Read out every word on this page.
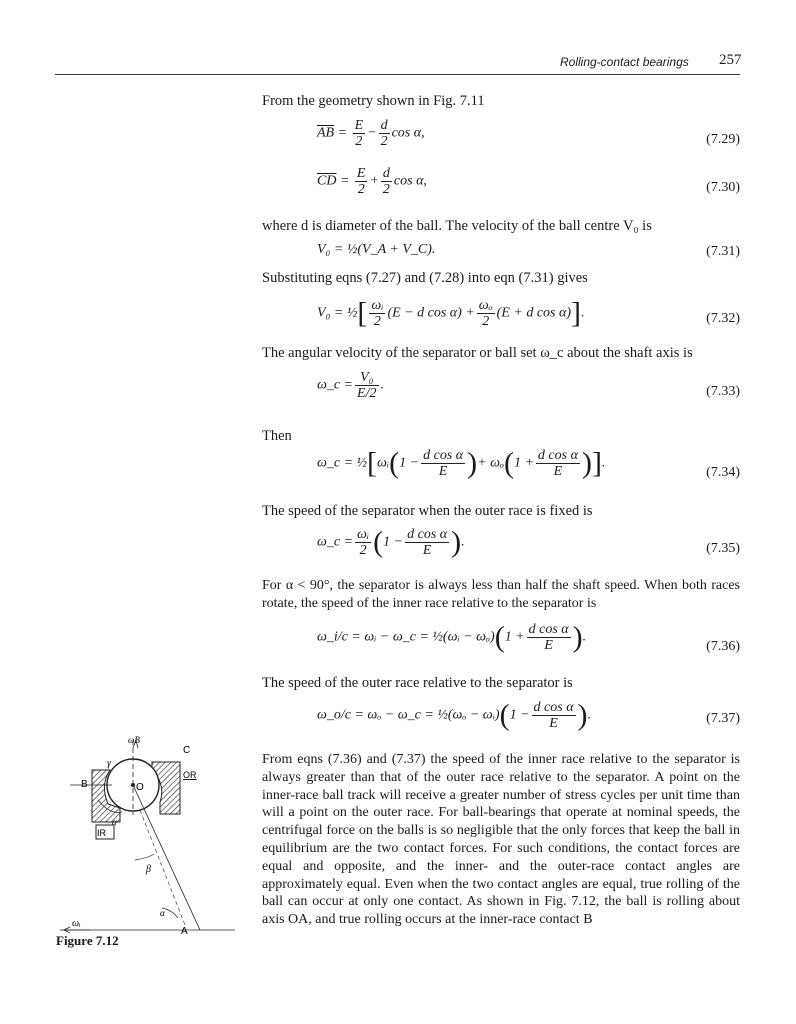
Rolling-contact bearings 257
From the geometry shown in Fig. 7.11
$\overline{AB} = \frac{E}{2} - \frac{d}{2}$ cos α,	(7.29)
$\overline{CD} = \frac{E}{2} + \frac{d}{2}$ cos α,	(7.30)
where d is diameter of the ball. The velocity of the ball centre V₀ is
V₀ = ½(V_A + V_C).	(7.31)
Substituting eqns (7.27) and (7.28) into eqn (7.31) gives
V₀ = ½[ $\frac{\text{ωᵢ}}{2} (E - d$ $\cos \alpha) + \frac{\text{ωₒ}}{2} (E + d$ cos α)].	(7.32)
The angular velocity of the separator or ball set ω_c about the shaft axis is
ω_c = $\frac{\text{V₀}}{E/2}$ .	(7.33)
Then
ω_c = ½[ωᵢ(1 − $\frac{\text{d cos α}}{E}$ )+ $\omega_o(1 + \frac{\text{d cos α}}{E}$ )].
(7.34)
The speed of the separator when the outer race is fixed is
ω_c = $\frac{\text{ωᵢ}}{2} (1 - \frac{\text{d cos α}}{E}$ ).	(7.35)
For α < 90°, the separator is always less than half the shaft speed. When both races rotate, the speed of the inner race relative to the separator is
ω_i/c = ωᵢ − ω_c = ½(ωᵢ − $\omega_o)(1 + \frac{\text{d cos α}}{E}$ ).
(7.36)
The speed of the outer race relative to the separator is
ω_o/c = ωₒ − ω_c = ½(ωₒ − ωᵢ)(1 − $\frac{\text{d cos α}}{E}$ ).	(7.37)
From eqns (7.36) and (7.37) the speed of the inner race relative to the separator is always greater than that of the outer race relative to the separator. A point on the inner-race ball track will receive a greater number of stress cycles per unit time than will a point on the outer race. For ball-bearings that operate at nominal speeds, the centrifugal force on the balls is so negligible that the only forces that keep the ball in equilibrium are the two contact forces. For such conditions, the contact forces are equal and opposite, and the inner- and the outer-race contact angles are approximately equal. Even when the two contact angles are equal, true rolling of the ball can occur at only one contact. As shown in Fig. 7.12, the ball is rolling about axis OA, and true rolling occurs at the inner-race contact B
ωB
C
γ
B	O
OR
IR
α
β
α
A
ωᵢ
Figure 7.12
